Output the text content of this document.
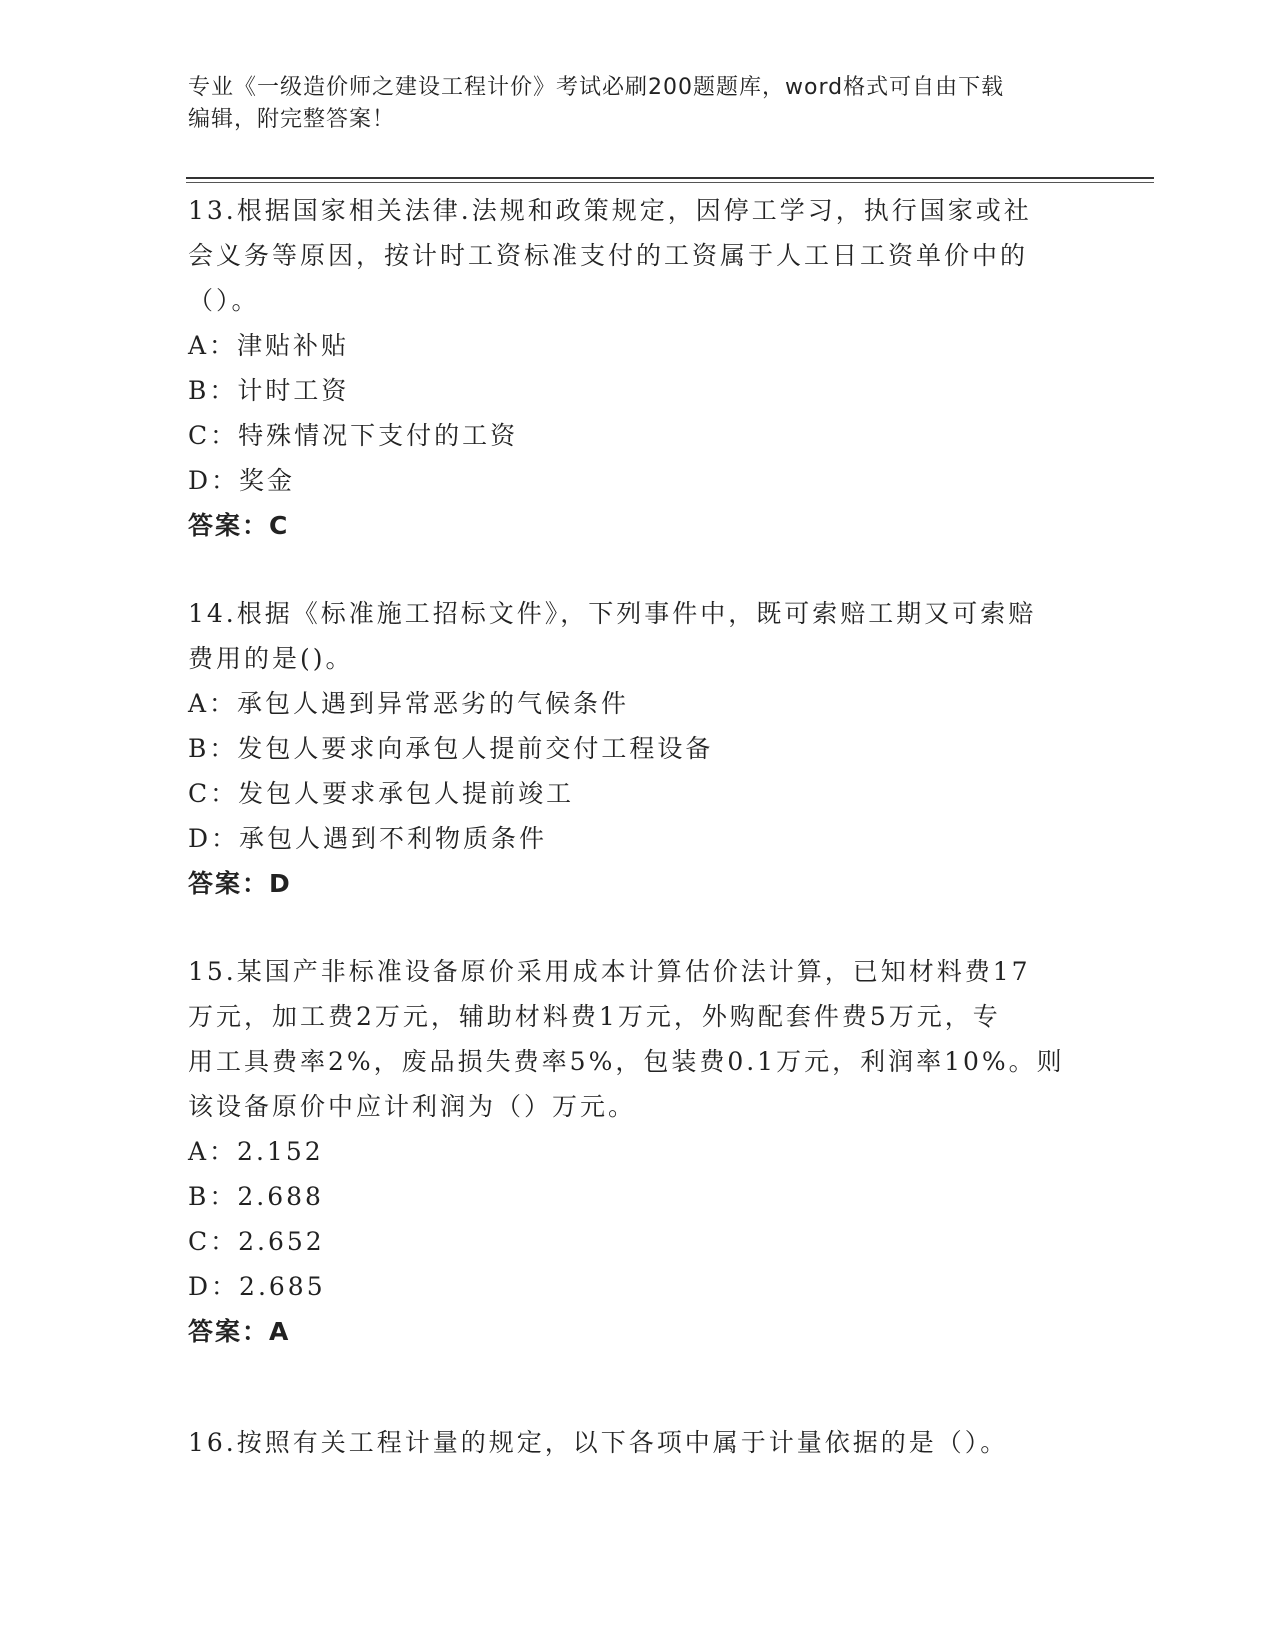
专业《一级造价师之建设工程计价》考试必刷200题题库，word格式可自由下载
编辑，附完整答案！
13.根据国家相关法律.法规和政策规定，因停工学习，执行国家或社
会义务等原因，按计时工资标准支付的工资属于人工日工资单价中的
（）。
A：津贴补贴
B：计时工资
C：特殊情况下支付的工资
D：奖金
答案：C
14.根据《标准施工招标文件》，下列事件中，既可索赔工期又可索赔
费用的是()。
A：承包人遇到异常恶劣的气候条件
B：发包人要求向承包人提前交付工程设备
C：发包人要求承包人提前竣工
D：承包人遇到不利物质条件
答案：D
15.某国产非标准设备原价采用成本计算估价法计算，已知材料费17
万元，加工费2万元，辅助材料费1万元，外购配套件费5万元，专
用工具费率2%，废品损失费率5%，包装费0.1万元，利润率10%。则
该设备原价中应计利润为（）万元。
A：2.152
B：2.688
C：2.652
D：2.685
答案：A
16.按照有关工程计量的规定，以下各项中属于计量依据的是（）。
